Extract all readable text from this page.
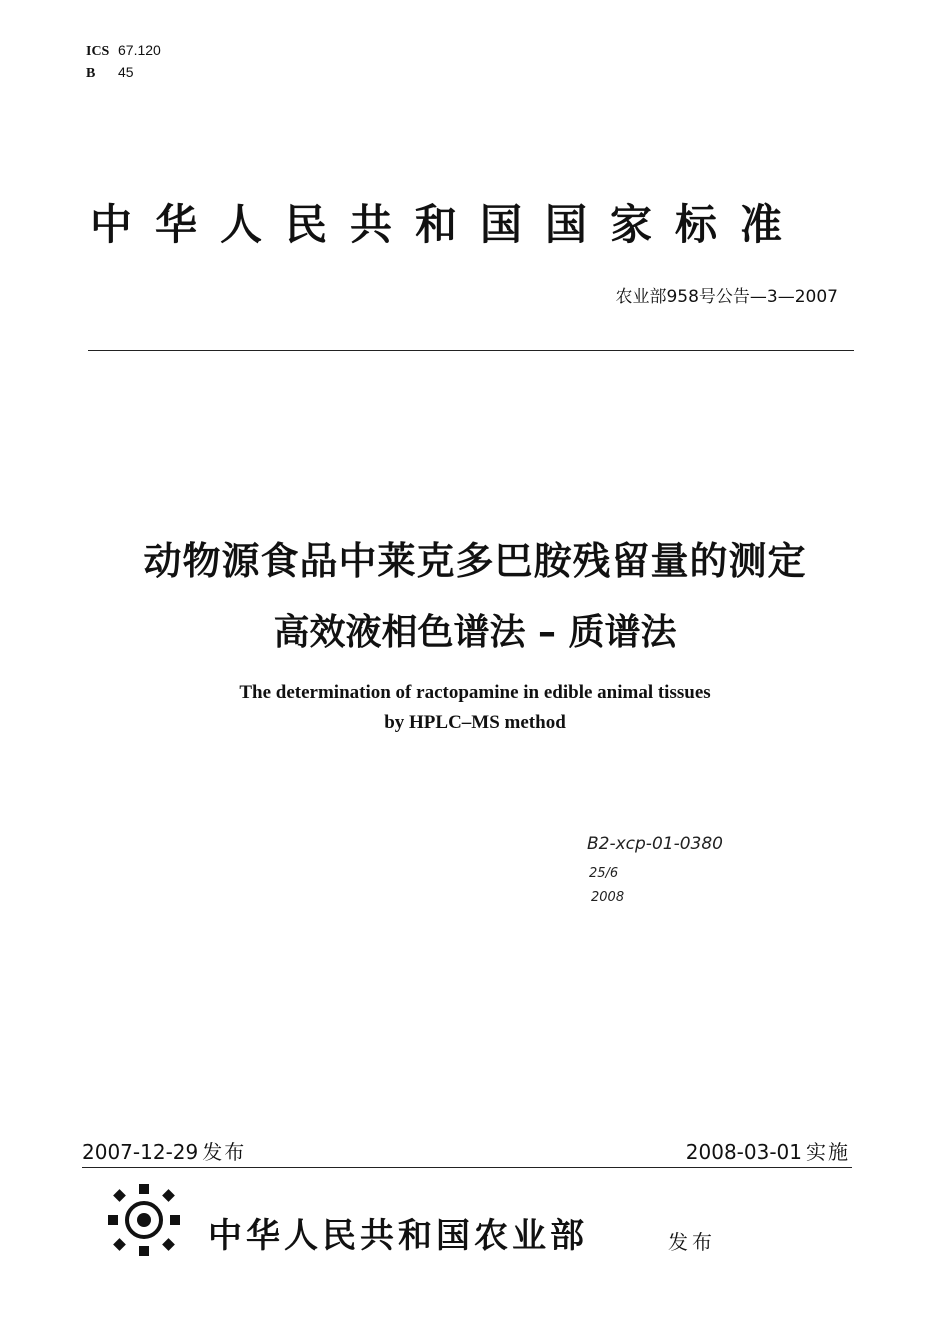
ICS 67.120
B 45
中华人民共和国国家标准
农业部958号公告—3—2007
动物源食品中莱克多巴胺残留量的测定
高效液相色谱法 – 质谱法
The determination of ractopamine in edible animal tissues
by HPLC–MS method
B2-xcp-01-0380
25/6
2008
2007-12-29 发布	2008-03-01 实施
中华人民共和国农业部	发布
